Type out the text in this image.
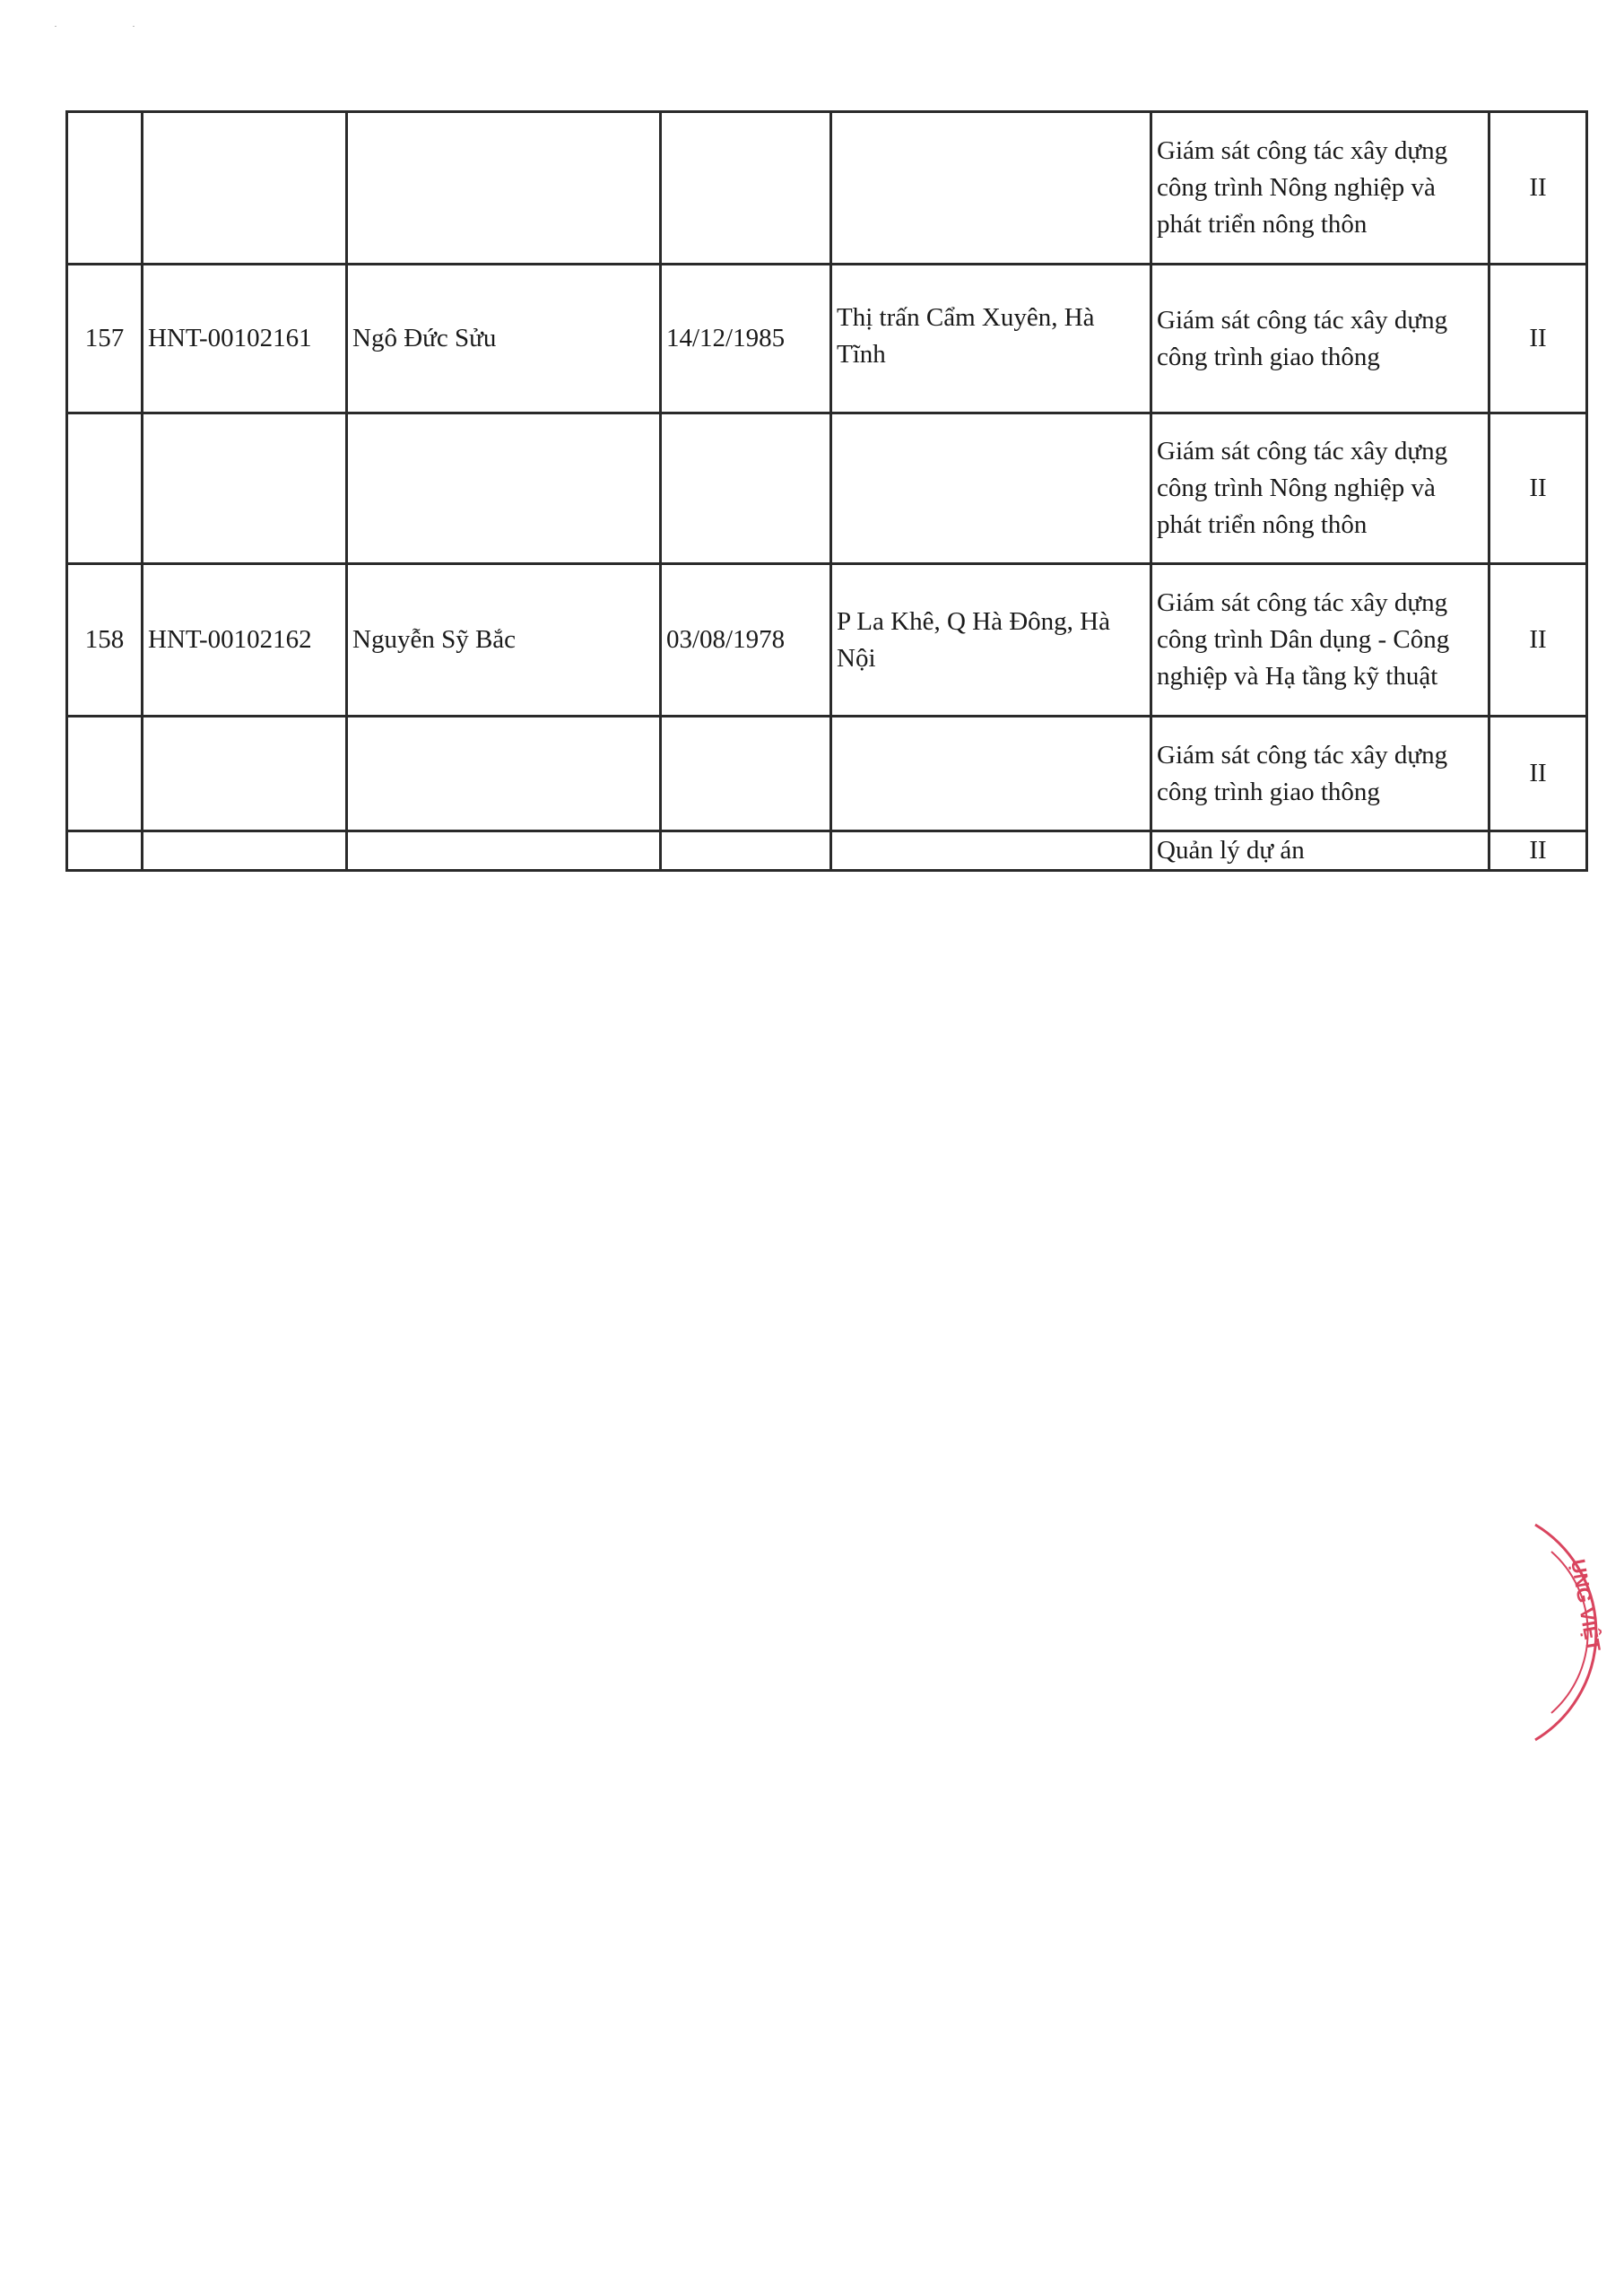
· ·
					Giám sát công tác xây dựng công trình Nông nghiệp và phát triển nông thôn	II
157	HNT-00102161	Ngô Đức Sửu	14/12/1985	Thị trấn Cẩm Xuyên, Hà Tĩnh	Giám sát công tác xây dựng công trình giao thông	II
					Giám sát công tác xây dựng công trình Nông nghiệp và phát triển nông thôn	II
158	HNT-00102162	Nguyễn Sỹ Bắc	03/08/1978	P La Khê, Q Hà Đông, Hà Nội	Giám sát công tác xây dựng công trình Dân dụng - Công nghiệp và Hạ tầng kỹ thuật	II
					Giám sát công tác xây dựng công trình giao thông	II
					Quản lý dự án	II
ỤNG VIỆT
